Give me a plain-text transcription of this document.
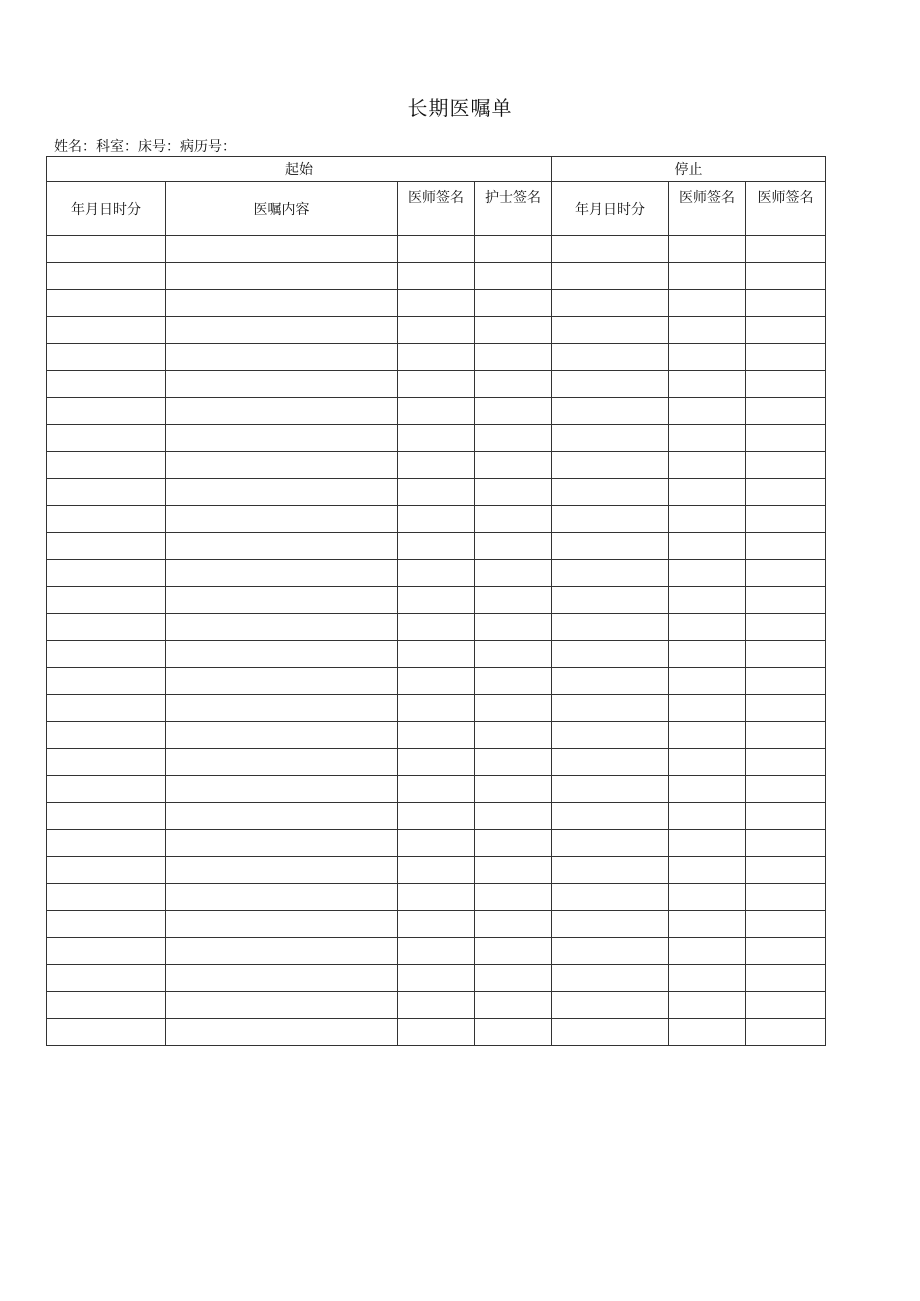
长期医嘱单
姓名：科室：床号：病历号：
起始				停止		
年月日时分	医嘱内容	医师签名	护士签名	年月日时分	医师签名	医师签名
